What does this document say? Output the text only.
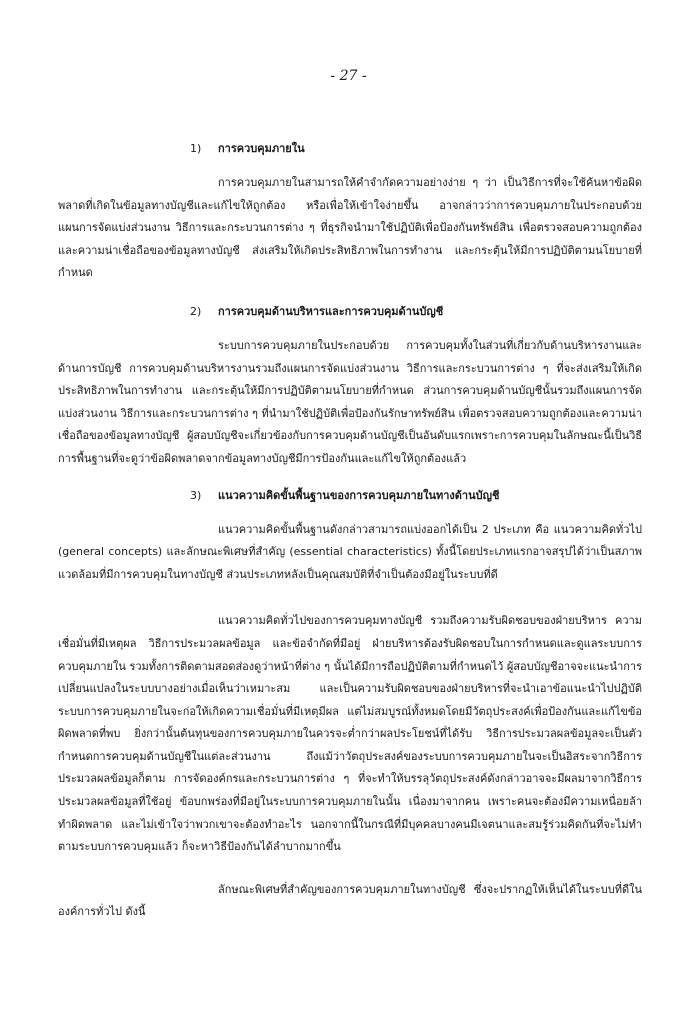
- 27 -
1) การควบคุมภายใน

การควบคุมภายในสามารถให้คำจำกัดความอย่างง่าย ๆ ว่า เป็นวิธีการที่จะใช้ค้นหาข้อผิดพลาดที่เกิดในข้อมูลทางบัญชีและแก้ไขให้ถูกต้อง หรือเพื่อให้เข้าใจง่ายขึ้น อาจกล่าวว่าการควบคุมภายในประกอบด้วยแผนการจัดแบ่งส่วนงาน วิธีการและกระบวนการต่าง ๆ ที่ธุรกิจนำมาใช้ปฏิบัติเพื่อป้องกันทรัพย์สิน เพื่อตรวจสอบความถูกต้องและความน่าเชื่อถือของข้อมูลทางบัญชี ส่งเสริมให้เกิดประสิทธิภาพในการทำงาน และกระตุ้นให้มีการปฏิบัติตามนโยบายที่กำหนด

2) การควบคุมด้านบริหารและการควบคุมด้านบัญชี

ระบบการควบคุมภายในประกอบด้วย การควบคุมทั้งในส่วนที่เกี่ยวกับด้านบริหารงานและด้านการบัญชี การควบคุมด้านบริหารงานรวมถึงแผนการจัดแบ่งส่วนงาน วิธีการและกระบวนการต่าง ๆ ที่จะส่งเสริมให้เกิดประสิทธิภาพในการทำงาน และกระตุ้นให้มีการปฏิบัติตามนโยบายที่กำหนด ส่วนการควบคุมด้านบัญชีนั้นรวมถึงแผนการจัดแบ่งส่วนงาน วิธีการและกระบวนการต่าง ๆ ที่นำมาใช้ปฏิบัติเพื่อป้องกันรักษาทรัพย์สิน เพื่อตรวจสอบความถูกต้องและความน่าเชื่อถือของข้อมูลทางบัญชี ผู้สอบบัญชีจะเกี่ยวข้องกับการควบคุมด้านบัญชีเป็นอันดับแรกเพราะการควบคุมในลักษณะนี้เป็นวิธีการพื้นฐานที่จะดูว่าข้อผิดพลาดจากข้อมูลทางบัญชีมีการป้องกันและแก้ไขให้ถูกต้องแล้ว

3) แนวความคิดขั้นพื้นฐานของการควบคุมภายในทางด้านบัญชี

แนวความคิดขั้นพื้นฐานดังกล่าวสามารถแบ่งออกได้เป็น 2 ประเภท คือ แนวความคิดทั่วไป (general concepts) และลักษณะพิเศษที่สำคัญ (essential characteristics) ทั้งนี้โดยประเภทแรกอาจสรุปได้ว่าเป็นสภาพแวดล้อมที่มีการควบคุมในทางบัญชี ส่วนประเภทหลังเป็นคุณสมบัติที่จำเป็นต้องมีอยู่ในระบบที่ดี

แนวความคิดทั่วไปของการควบคุมทางบัญชี รวมถึงความรับผิดชอบของฝ่ายบริหาร ความเชื่อมั่นที่มีเหตุผล วิธีการประมวลผลข้อมูล และข้อจำกัดที่มีอยู่ ฝ่ายบริหารต้องรับผิดชอบในการกำหนดและดูแลระบบการควบคุมภายใน รวมทั้งการติดตามสอดส่องดูว่าหน้าที่ต่าง ๆ นั้นได้มีการถือปฏิบัติตามที่กำหนดไว้ ผู้สอบบัญชีอาจจะแนะนำการเปลี่ยนแปลงในระบบบางอย่างเมื่อเห็นว่าเหมาะสม และเป็นความรับผิดชอบของฝ่ายบริหารที่จะนำเอาข้อแนะนำไปปฏิบัติ ระบบการควบคุมภายในจะก่อให้เกิดความเชื่อมั่นที่มีเหตุมีผล แต่ไม่สมบูรณ์ทั้งหมดโดยมีวัตถุประสงค์เพื่อป้องกันและแก้ไขข้อผิดพลาดที่พบ ยิ่งกว่านั้นต้นทุนของการควบคุมภายในควรจะต่ำกว่าผลประโยชน์ที่ได้รับ วิธีการประมวลผลข้อมูลจะเป็นตัวกำหนดการควบคุมด้านบัญชีในแต่ละส่วนงาน ถึงแม้ว่าวัตถุประสงค์ของระบบการควบคุมภายในจะเป็นอิสระจากวิธีการประมวลผลข้อมูลก็ตาม การจัดองค์กรและกระบวนการต่าง ๆ ที่จะทำให้บรรลุวัตถุประสงค์ดังกล่าวอาจจะมีผลมาจากวิธีการประมวลผลข้อมูลที่ใช้อยู่ ข้อบกพร่องที่มีอยู่ในระบบการควบคุมภายในนั้น เนื่องมาจากคน เพราะคนจะต้องมีความเหนื่อยล้า ทำผิดพลาด และไม่เข้าใจว่าพวกเขาจะต้องทำอะไร นอกจากนี้ในกรณีที่มีบุคคลบางคนมีเจตนาและสมรู้ร่วมคิดกันที่จะไม่ทำตามระบบการควบคุมแล้ว ก็จะหาวิธีป้องกันได้ลำบากมากขึ้น

ลักษณะพิเศษที่สำคัญของการควบคุมภายในทางบัญชี ซึ่งจะปรากฏให้เห็นได้ในระบบที่ดีในองค์การทั่วไป ดังนี้
